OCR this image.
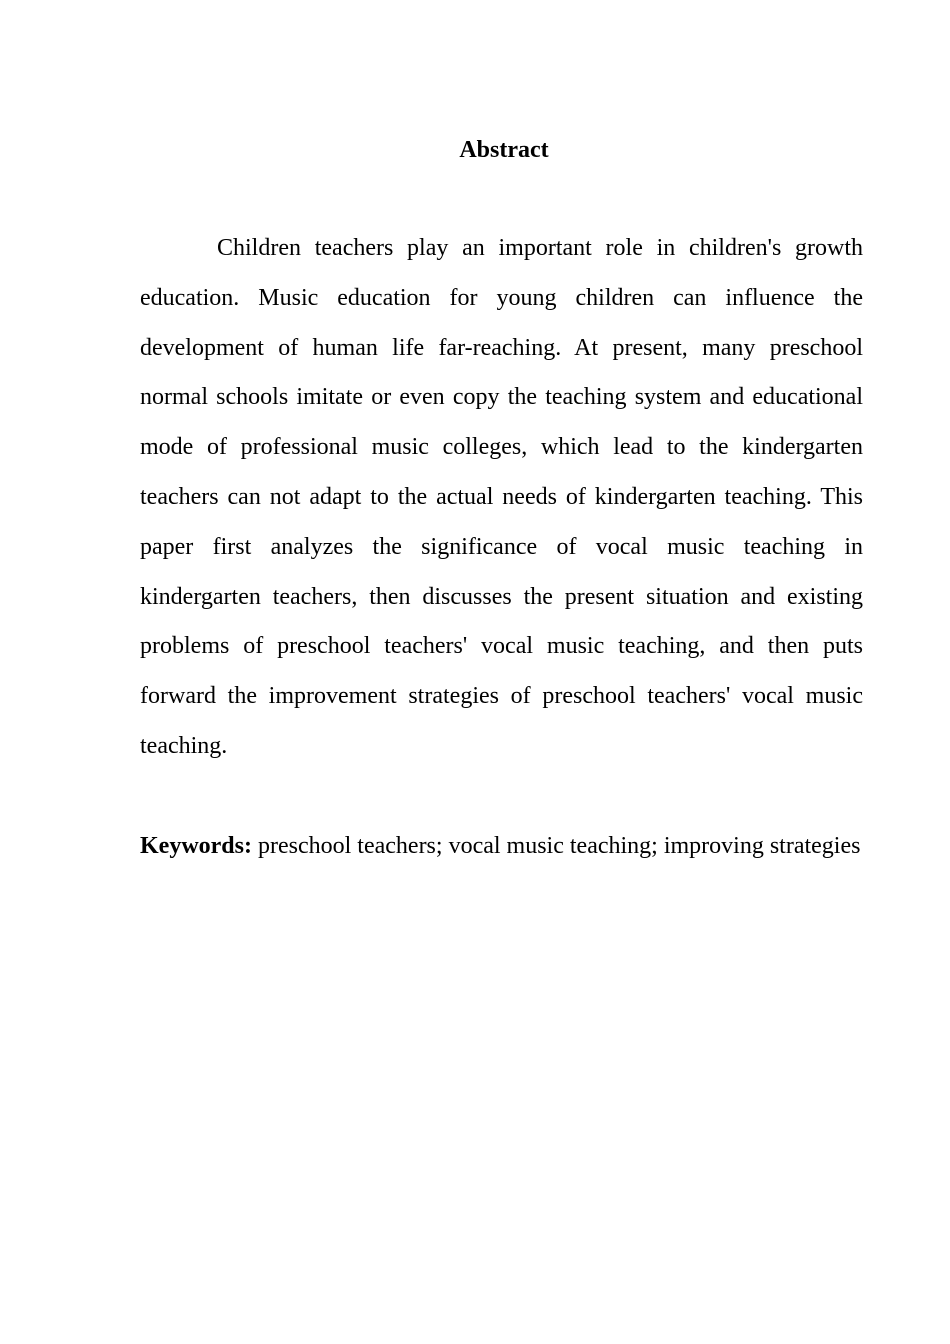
Abstract

Children teachers play an important role in children's growth education. Music education for young children can influence the development of human life far-reaching. At present, many preschool normal schools imitate or even copy the teaching system and educational mode of professional music colleges, which lead to the kindergarten teachers can not adapt to the actual needs of kindergarten teaching. This paper first analyzes the significance of vocal music teaching in kindergarten teachers, then discusses the present situation and existing problems of preschool teachers' vocal music teaching, and then puts forward the improvement strategies of preschool teachers' vocal music teaching.

Keywords: preschool teachers; vocal music teaching; improving strategies
